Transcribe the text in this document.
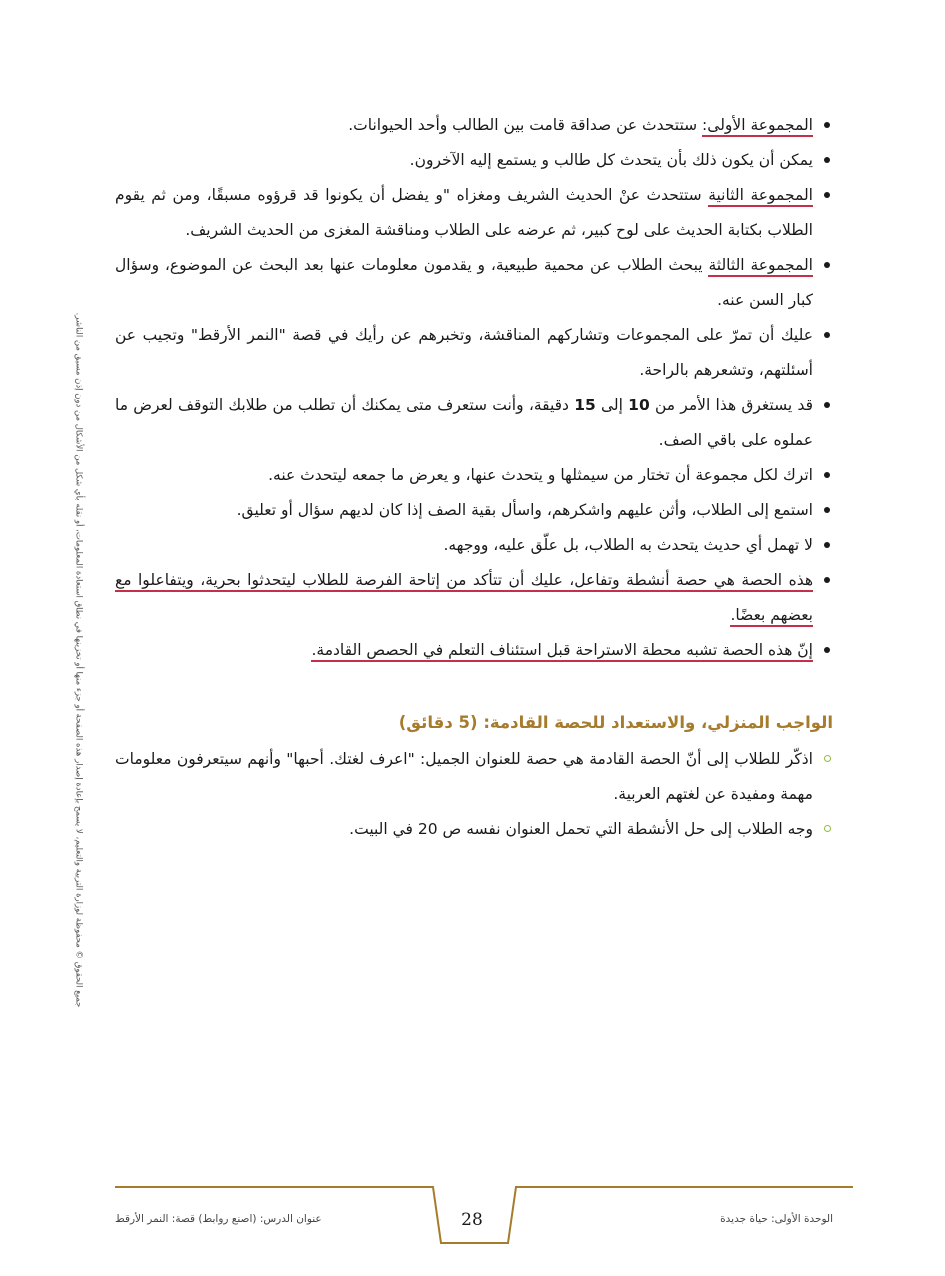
جميع الحقوق © محفوظة لوزارة التربية والتعليم، لا يسمح بإعادة إصدار هذه الصفحة أو جزء منها أو تخزينها في نطاق استعادة المعلومات، أو نقله بأي شكل من الأشكال من دون إذن مسبق من الناشر.
المجموعة الأولى: ستتحدث عن صداقة قامت بين الطالب وأحد الحيوانات.
يمكن أن يكون ذلك بأن يتحدث كل طالب و يستمع إليه الآخرون.
المجموعة الثانية ستتحدث عنْ الحديث الشريف ومغزاه "و يفضل أن يكونوا قد قرؤوه مسبقًا، ومن ثم يقوم الطلاب بكتابة الحديث على لوح كبير، ثم عرضه على الطلاب ومناقشة المغزى من الحديث الشريف.
المجموعة الثالثة يبحث الطلاب عن محمية طبيعية، و يقدمون معلومات عنها بعد البحث عن الموضوع، وسؤال كبار السن عنه.
عليك أن تمرّ على المجموعات وتشاركهم المناقشة، وتخبرهم عن رأيك في قصة "النمر الأرقط" وتجيب عن أسئلتهم، وتشعرهم بالراحة.
قد يستغرق هذا الأمر من 10 إلى 15 دقيقة، وأنت ستعرف متى يمكنك أن تطلب من طلابك التوقف لعرض ما عملوه على باقي الصف.
اترك لكل مجموعة أن تختار من سيمثلها و يتحدث عنها، و يعرض ما جمعه ليتحدث عنه.
استمع إلى الطلاب، وأثن عليهم واشكرهم، واسأل بقية الصف إذا كان لديهم سؤال أو تعليق.
لا تهمل أي حديث يتحدث به الطلاب، بل علّق عليه، ووجهه.
هذه الحصة هي حصة أنشطة وتفاعل، عليك أن تتأكد من إتاحة الفرصة للطلاب ليتحدثوا بحرية، ويتفاعلوا مع بعضهم بعضًا.
إنّ هذه الحصة تشبه محطة الاستراحة قبل استئناف التعلم في الحصص القادمة.
الواجب المنزلي، والاستعداد للحصة القادمة: (5 دقائق)
اذكّر للطلاب إلى أنّ الحصة القادمة هي حصة للعنوان الجميل: "اعرف لغتك. أحبها" وأنهم سيتعرفون معلومات مهمة ومفيدة عن لغتهم العربية.
وجه الطلاب إلى حل الأنشطة التي تحمل العنوان نفسه ص 20 في البيت.
الوحدة الأولى: حياة جديدة
28
عنوان الدرس: (اصنع روابط) قصة: النمر الأرقط
